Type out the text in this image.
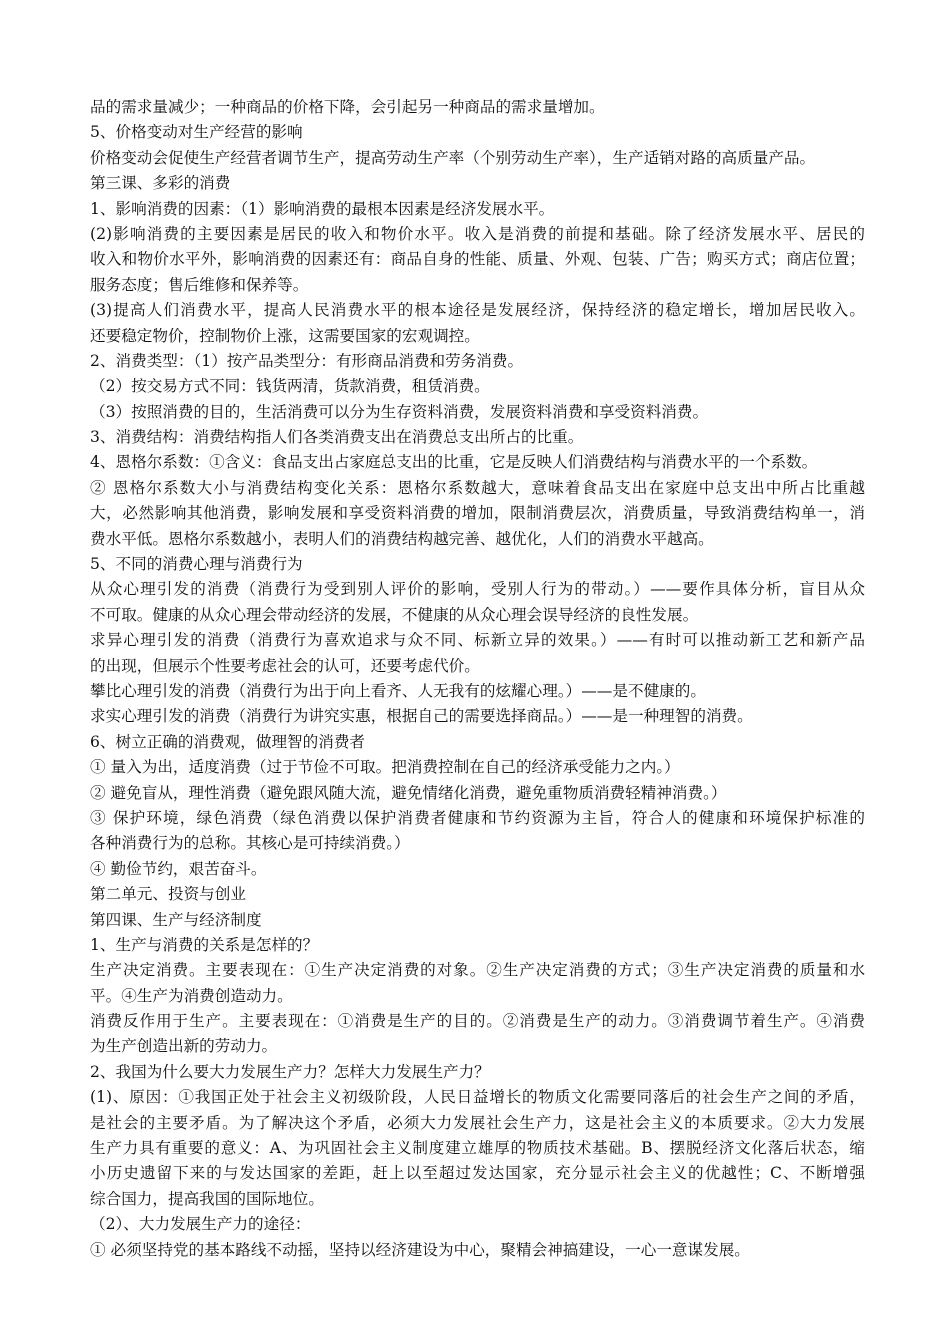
品的需求量减少；一种商品的价格下降，会引起另一种商品的需求量增加。
5、价格变动对生产经营的影响
价格变动会促使生产经营者调节生产，提高劳动生产率（个别劳动生产率），生产适销对路的高质量产品。
第三课、多彩的消费
1、影响消费的因素：（1）影响消费的最根本因素是经济发展水平。
(2)影响消费的主要因素是居民的收入和物价水平。收入是消费的前提和基础。除了经济发展水平、居民的
收入和物价水平外，影响消费的因素还有：商品自身的性能、质量、外观、包装、广告；购买方式；商店位置；
服务态度；售后维修和保养等。
(3)提高人们消费水平，提高人民消费水平的根本途径是发展经济，保持经济的稳定增长，增加居民收入。
还要稳定物价，控制物价上涨，这需要国家的宏观调控。
2、消费类型：（1）按产品类型分：有形商品消费和劳务消费。
（2）按交易方式不同：钱货两清，货款消费，租赁消费。
（3）按照消费的目的，生活消费可以分为生存资料消费，发展资料消费和享受资料消费。
3、消费结构：消费结构指人们各类消费支出在消费总支出所占的比重。
4、恩格尔系数：①含义：食品支出占家庭总支出的比重，它是反映人们消费结构与消费水平的一个系数。
② 恩格尔系数大小与消费结构变化关系：恩格尔系数越大，意味着食品支出在家庭中总支出中所占比重越
大，必然影响其他消费，影响发展和享受资料消费的增加，限制消费层次，消费质量，导致消费结构单一，消
费水平低。恩格尔系数越小，表明人们的消费结构越完善、越优化，人们的消费水平越高。
5、不同的消费心理与消费行为
从众心理引发的消费（消费行为受到别人评价的影响，受别人行为的带动。）——要作具体分析，盲目从众
不可取。健康的从众心理会带动经济的发展，不健康的从众心理会误导经济的良性发展。
求异心理引发的消费（消费行为喜欢追求与众不同、标新立异的效果。）——有时可以推动新工艺和新产品
的出现，但展示个性要考虑社会的认可，还要考虑代价。
攀比心理引发的消费（消费行为出于向上看齐、人无我有的炫耀心理。）——是不健康的。
求实心理引发的消费（消费行为讲究实惠，根据自己的需要选择商品。）——是一种理智的消费。
6、树立正确的消费观，做理智的消费者
① 量入为出，适度消费（过于节俭不可取。把消费控制在自己的经济承受能力之内。）
② 避免盲从，理性消费（避免跟风随大流，避免情绪化消费，避免重物质消费轻精神消费。）
③ 保护环境，绿色消费（绿色消费以保护消费者健康和节约资源为主旨，符合人的健康和环境保护标准的
各种消费行为的总称。其核心是可持续消费。）
④ 勤俭节约，艰苦奋斗。
第二单元、投资与创业
第四课、生产与经济制度
1、生产与消费的关系是怎样的？
生产决定消费。主要表现在：①生产决定消费的对象。②生产决定消费的方式；③生产决定消费的质量和水
平。④生产为消费创造动力。
消费反作用于生产。主要表现在：①消费是生产的目的。②消费是生产的动力。③消费调节着生产。④消费
为生产创造出新的劳动力。
2、我国为什么要大力发展生产力？怎样大力发展生产力？
(1)、原因：①我国正处于社会主义初级阶段，人民日益增长的物质文化需要同落后的社会生产之间的矛盾，
是社会的主要矛盾。为了解决这个矛盾，必须大力发展社会生产力，这是社会主义的本质要求。②大力发展
生产力具有重要的意义：A、为巩固社会主义制度建立雄厚的物质技术基础。B、摆脱经济文化落后状态，缩
小历史遗留下来的与发达国家的差距，赶上以至超过发达国家，充分显示社会主义的优越性；C、不断增强
综合国力，提高我国的国际地位。
（2）、大力发展生产力的途径：
① 必须坚持党的基本路线不动摇，坚持以经济建设为中心，聚精会神搞建设，一心一意谋发展。
